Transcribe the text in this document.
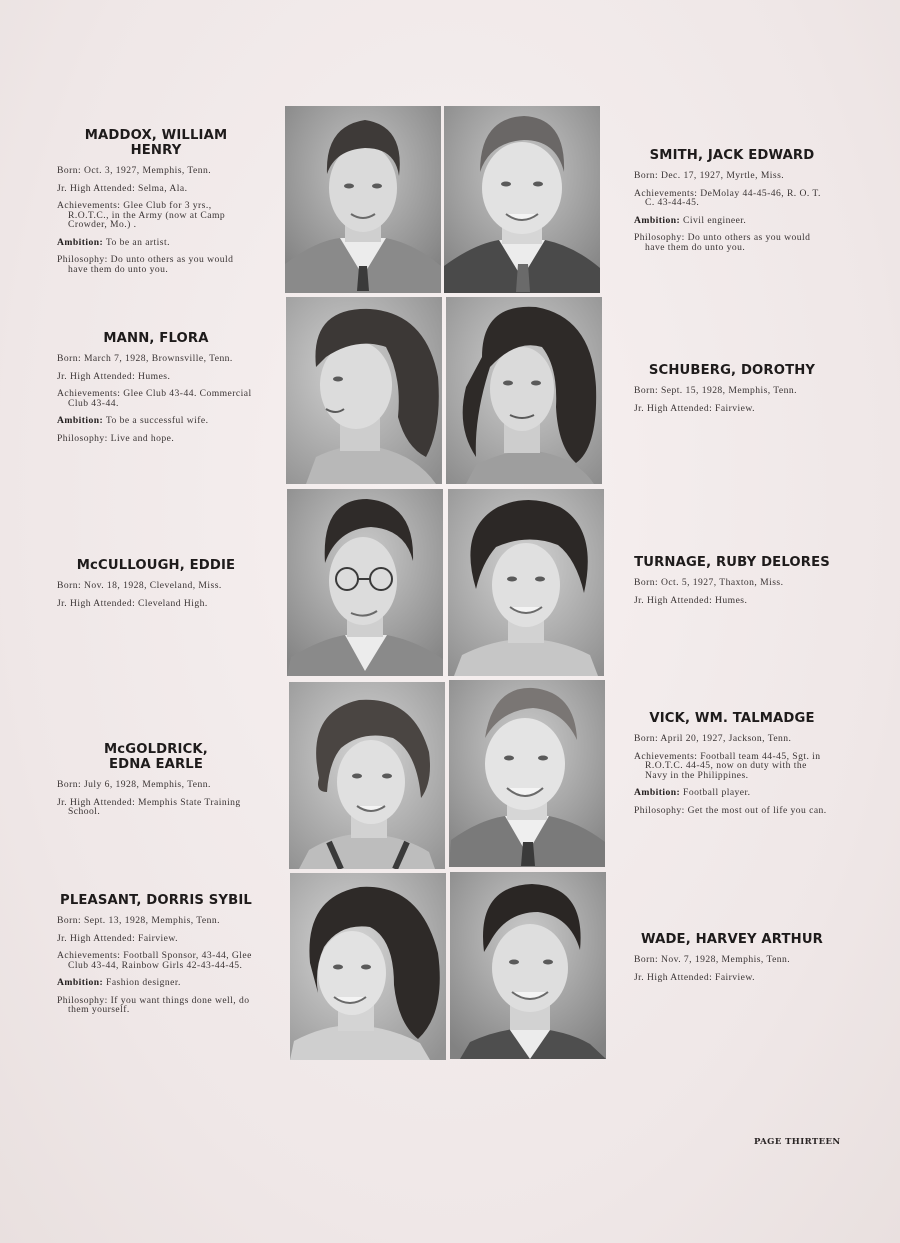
MADDOX, WILLIAM HENRY
Born: Oct. 3, 1927, Memphis, Tenn.
Jr. High Attended: Selma, Ala.
Achievements: Glee Club for 3 yrs., R.O.T.C., in the Army (now at Camp Crowder, Mo.) .
Ambition: To be an artist.
Philosophy: Do unto others as you would have them do unto you.
MANN, FLORA
Born: March 7, 1928, Brownsville, Tenn.
Jr. High Attended: Humes.
Achievements: Glee Club 43-44. Commercial Club 43-44.
Ambition: To be a successful wife.
Philosophy: Live and hope.
McCULLOUGH, EDDIE
Born: Nov. 18, 1928, Cleveland, Miss.
Jr. High Attended: Cleveland High.
McGOLDRICK, EDNA EARLE
Born: July 6, 1928, Memphis, Tenn.
Jr. High Attended: Memphis State Training School.
PLEASANT, DORRIS SYBIL
Born: Sept. 13, 1928, Memphis, Tenn.
Jr. High Attended: Fairview.
Achievements: Football Sponsor, 43-44, Glee Club 43-44, Rainbow Girls 42-43-44-45.
Ambition: Fashion designer.
Philosophy: If you want things done well, do them yourself.
SMITH, JACK EDWARD
Born: Dec. 17, 1927, Myrtle, Miss.
Achievements: DeMolay 44-45-46, R. O. T. C. 43-44-45.
Ambition: Civil engineer.
Philosophy: Do unto others as you would have them do unto you.
SCHUBERG, DOROTHY
Born: Sept. 15, 1928, Memphis, Tenn.
Jr. High Attended: Fairview.
TURNAGE, RUBY DELORES
Born: Oct. 5, 1927, Thaxton, Miss.
Jr. High Attended: Humes.
VICK, WM. TALMADGE
Born: April 20, 1927, Jackson, Tenn.
Achievements: Football team 44-45, Sgt. in R.O.T.C. 44-45, now on duty with the Navy in the Philippines.
Ambition: Football player.
Philosophy: Get the most out of life you can.
WADE, HARVEY ARTHUR
Born: Nov. 7, 1928, Memphis, Tenn.
Jr. High Attended: Fairview.
PAGE THIRTEEN
